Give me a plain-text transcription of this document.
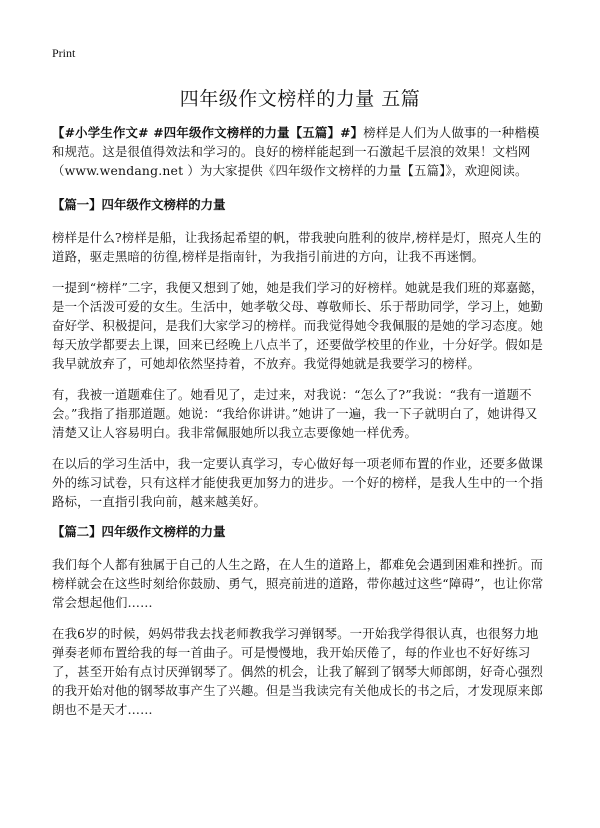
Print
四年级作文榜样的力量 五篇

【#小学生作文# #四年级作文榜样的力量【五篇】#】榜样是人们为人做事的一种楷模和规范。这是很值得效法和学习的。良好的榜样能起到一石激起千层浪的效果！文档网（www.wendang.net ）为大家提供《四年级作文榜样的力量【五篇】》，欢迎阅读。

【篇一】四年级作文榜样的力量

榜样是什么?榜样是船，让我扬起希望的帆，带我驶向胜利的彼岸,榜样是灯，照亮人生的道路，驱走黑暗的彷徨,榜样是指南针，为我指引前进的方向，让我不再迷惘。

一提到“榜样”二字，我便又想到了她，她是我们学习的好榜样。她就是我们班的郑嘉懿，是一个活泼可爱的女生。生活中，她孝敬父母、尊敬师长、乐于帮助同学，学习上，她勤奋好学、积极提问，是我们大家学习的榜样。而我觉得她令我佩服的是她的学习态度。她每天放学都要去上课，回来已经晚上八点半了，还要做学校里的作业，十分好学。假如是我早就放弃了，可她却依然坚持着，不放弃。我觉得她就是我要学习的榜样。

有，我被一道题难住了。她看见了，走过来，对我说：“怎么了?”我说：“我有一道题不会。”我指了指那道题。她说：“我给你讲讲。”她讲了一遍，我一下子就明白了，她讲得又清楚又让人容易明白。我非常佩服她所以我立志要像她一样优秀。

在以后的学习生活中，我一定要认真学习，专心做好每一项老师布置的作业，还要多做课外的练习试卷，只有这样才能使我更加努力的进步。一个好的榜样，是我人生中的一个指路标，一直指引我向前，越来越美好。

【篇二】四年级作文榜样的力量

我们每个人都有独属于自己的人生之路，在人生的道路上，都难免会遇到困难和挫折。而榜样就会在这些时刻给你鼓励、勇气，照亮前进的道路，带你越过这些“障碍”，也让你常常会想起他们……

在我6岁的时候，妈妈带我去找老师教我学习弹钢琴。一开始我学得很认真，也很努力地弹奏老师布置给我的每一首曲子。可是慢慢地，我开始厌倦了，每的作业也不好好练习了，甚至开始有点讨厌弹钢琴了。偶然的机会，让我了解到了钢琴大师郎朗，好奇心强烈的我开始对他的钢琴故事产生了兴趣。但是当我读完有关他成长的书之后，才发现原来郎朗也不是天才……
